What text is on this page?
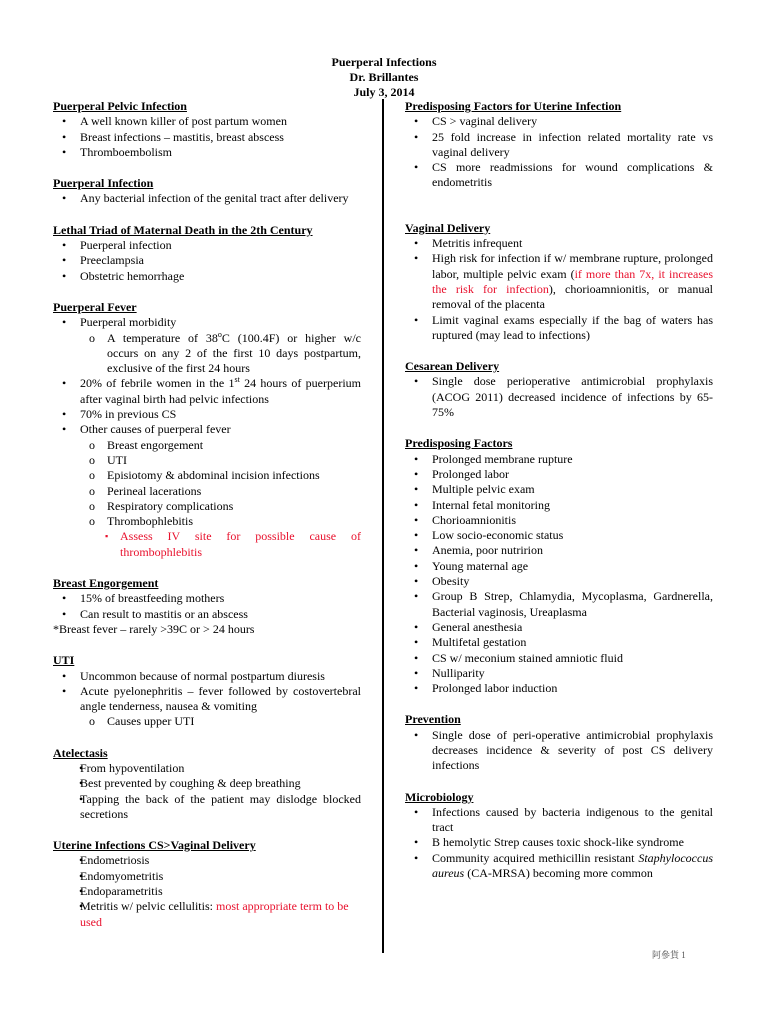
Puerperal Infections
Dr. Brillantes
July 3, 2014
Puerperal Pelvic Infection
• A well known killer of post partum women
• Breast infections – mastitis, breast abscess
• Thromboembolism
Puerperal Infection
• Any bacterial infection of the genital tract after delivery
Lethal Triad of Maternal Death in the 2th Century
• Puerperal infection
• Preeclampsia
• Obstetric hemorrhage
Puerperal Fever
• Puerperal morbidity
o A temperature of 38$^o$C (100.4F) or higher w/c occurs on any 2 of the first 10 days postpartum, exclusive of the first 24 hours
• 20% of febrile women in the 1st 24 hours of puerperium after vaginal birth had pelvic infections
• 70% in previous CS
• Other causes of puerperal fever
o Breast engorgement
o UTI
o Episiotomy & abdominal incision infections
o Perineal lacerations
o Respiratory complications
o Thrombophlebitis
▪ Assess IV site for possible cause of thrombophlebitis
Breast Engorgement
• 15% of breastfeeding mothers
• Can result to mastitis or an abscess
*Breast fever – rarely >39C or > 24 hours
UTI
• Uncommon because of normal postpartum diuresis
• Acute pyelonephritis – fever followed by costovertebral angle tenderness, nausea & vomiting
o Causes upper UTI
Atelectasis
• From hypoventilation
• Best prevented by coughing & deep breathing
• Tapping the back of the patient may dislodge blocked secretions
Uterine Infections CS>Vaginal Delivery
• Endometriosis
• Endomyometritis
• Endoparametritis
• Metritis w/ pelvic cellulitis: most appropriate term to be used
Predisposing Factors for Uterine Infection
• CS > vaginal delivery
• 25 fold increase in infection related mortality rate vs vaginal delivery
• CS more readmissions for wound complications & endometritis
Vaginal Delivery
• Metritis infrequent
• High risk for infection if w/ membrane rupture, prolonged labor, multiple pelvic exam (if more than 7x, it increases the risk for infection), chorioamnionitis, or manual removal of the placenta
• Limit vaginal exams especially if the bag of waters has ruptured (may lead to infections)
Cesarean Delivery
• Single dose perioperative antimicrobial prophylaxis (ACOG 2011) decreased incidence of infections by 65-75%
Predisposing Factors
• Prolonged membrane rupture
• Prolonged labor
• Multiple pelvic exam
• Internal fetal monitoring
• Chorioamnionitis
• Low socio-economic status
• Anemia, poor nutririon
• Young maternal age
• Obesity
• Group B Strep, Chlamydia, Mycoplasma, Gardnerella, Bacterial vaginosis, Ureaplasma
• General anesthesia
• Multifetal gestation
• CS w/ meconium stained amniotic fluid
• Nulliparity
• Prolonged labor induction
Prevention
• Single dose of peri-operative antimicrobial prophylaxis decreases incidence & severity of post CS delivery infections
Microbiology
• Infections caused by bacteria indigenous to the genital tract
• B hemolytic Strep causes toxic shock-like syndrome
• Community acquired methicillin resistant Staphylococcus aureus (CA-MRSA) becoming more common
阿參貨 1
